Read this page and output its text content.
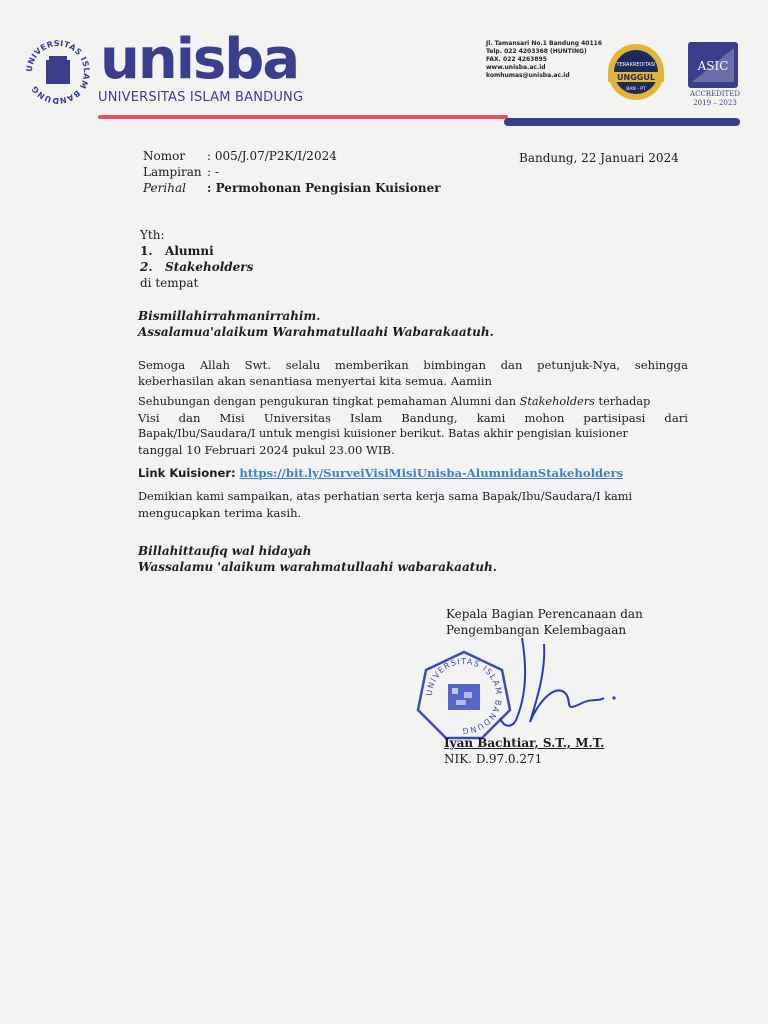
UNIVERSITAS ISLAM BANDUNG	unisba
UNIVERSITAS ISLAM BANDUNG
Jl. Tamansari No.1 Bandung 40116
Telp. 022 4203368 (HUNTING)
FAX. 022 4263895
www.unisba.ac.id
komhumas@unisba.ac.id
TERAKREDITASI
UNGGUL
BAN - PT
ASIC
ACCREDITED
2019 – 2023
Nomor : 005/J.07/P2K/I/2024
Lampiran : -
Perihal : Permohonan Pengisian Kuisioner
Bandung, 22 Januari 2024
Yth:
1.   Alumni
2.   Stakeholders
di tempat
Bismillahirrahmanirrahim.
Assalamua'alaikum Warahmatullaahi Wabarakaatuh.
Semoga Allah Swt. selalu memberikan bimbingan dan petunjuk-Nya, sehingga
keberhasilan akan senantiasa menyertai kita semua. Aamiin
Sehubungan dengan pengukuran tingkat pemahaman Alumni dan Stakeholders terhadap
Visi dan Misi Universitas Islam Bandung, kami mohon partisipasi dari
Bapak/Ibu/Saudara/I untuk mengisi kuisioner berikut. Batas akhir pengisian kuisioner
tanggal 10 Februari 2024 pukul 23.00 WIB.
Link Kuisioner: https://bit.ly/SurveiVisiMisiUnisba-AlumnidanStakeholders
Demikian kami sampaikan, atas perhatian serta kerja sama Bapak/Ibu/Saudara/I kami
mengucapkan terima kasih.
Billahittaufiq wal hidayah
Wassalamu 'alaikum warahmatullaahi wabarakaatuh.
Kepala Bagian Perencanaan dan
Pengembangan Kelembagaan
UNIVERSITAS ISLAM BANDUNG
Iyan Bachtiar, S.T., M.T.
NIK. D.97.0.271
